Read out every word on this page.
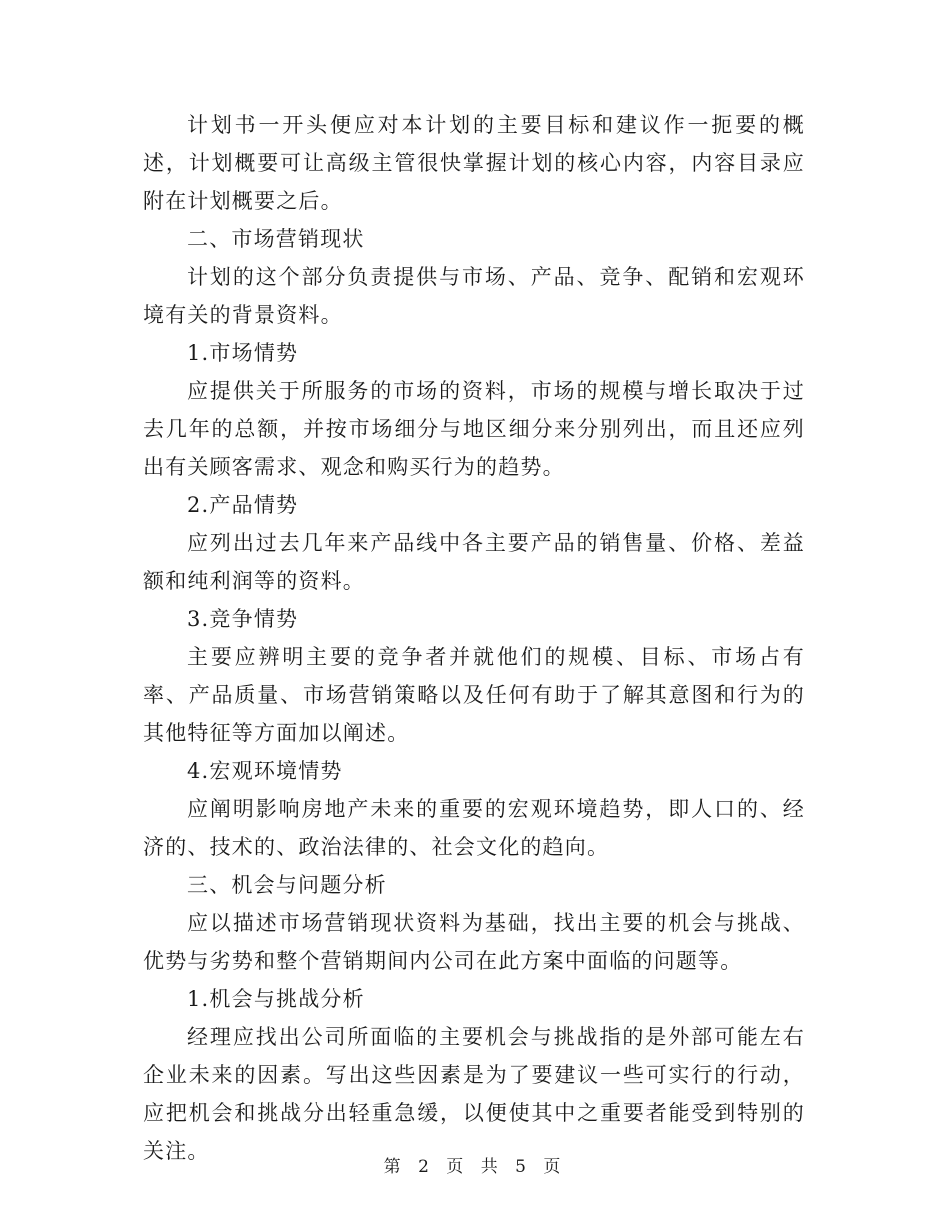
计划书一开头便应对本计划的主要目标和建议作一扼要的概述，计划概要可让高级主管很快掌握计划的核心内容，内容目录应附在计划概要之后。

二、市场营销现状

计划的这个部分负责提供与市场、产品、竞争、配销和宏观环境有关的背景资料。

1.市场情势

应提供关于所服务的市场的资料，市场的规模与增长取决于过去几年的总额，并按市场细分与地区细分来分别列出，而且还应列出有关顾客需求、观念和购买行为的趋势。

2.产品情势

应列出过去几年来产品线中各主要产品的销售量、价格、差益额和纯利润等的资料。

3.竞争情势

主要应辨明主要的竞争者并就他们的规模、目标、市场占有率、产品质量、市场营销策略以及任何有助于了解其意图和行为的其他特征等方面加以阐述。

4.宏观环境情势

应阐明影响房地产未来的重要的宏观环境趋势，即人口的、经济的、技术的、政治法律的、社会文化的趋向。

三、机会与问题分析

应以描述市场营销现状资料为基础，找出主要的机会与挑战、优势与劣势和整个营销期间内公司在此方案中面临的问题等。

1.机会与挑战分析

经理应找出公司所面临的主要机会与挑战指的是外部可能左右企业未来的因素。写出这些因素是为了要建议一些可实行的行动，应把机会和挑战分出轻重急缓，以便使其中之重要者能受到特别的关注。

第 2 页 共 5 页
